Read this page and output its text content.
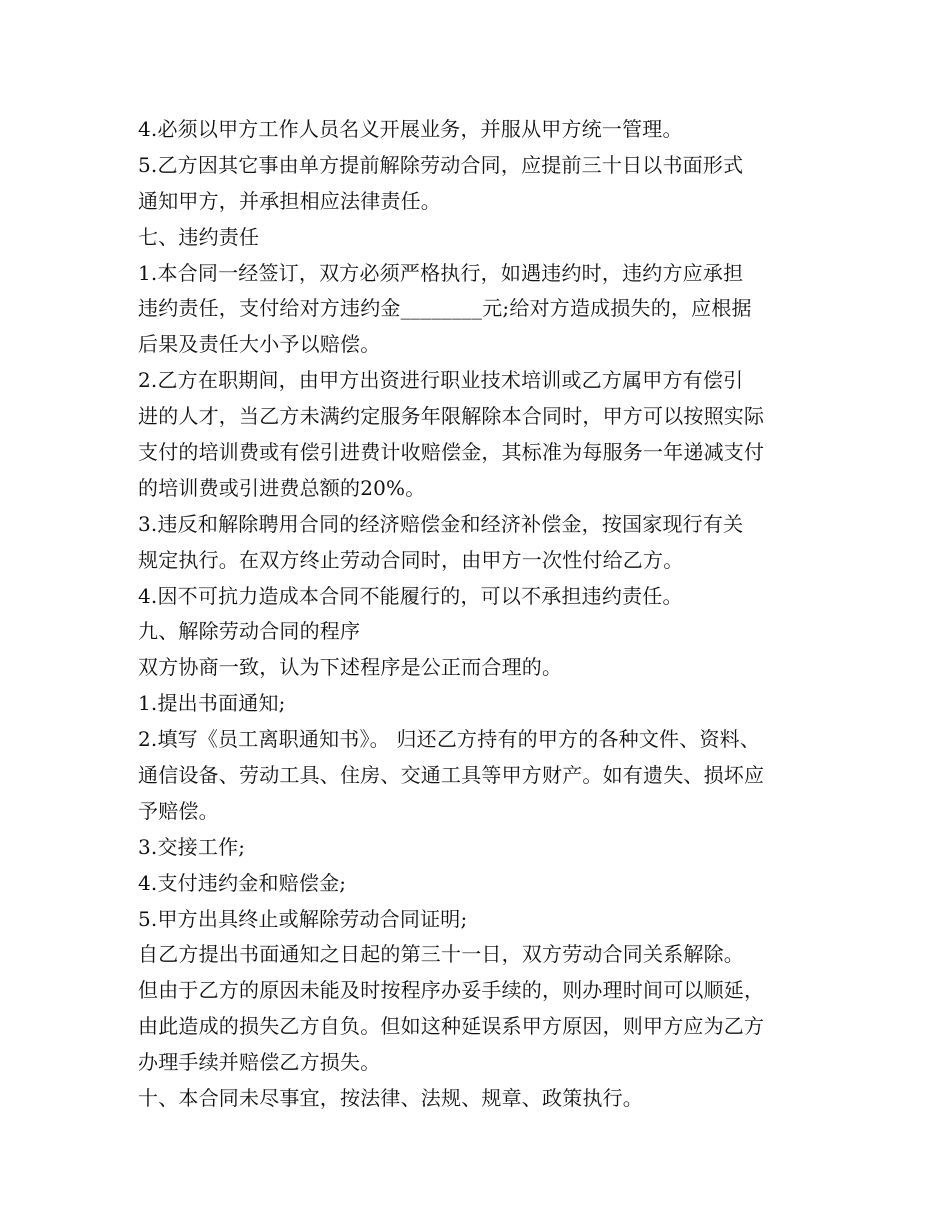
4.必须以甲方工作人员名义开展业务，并服从甲方统一管理。
5.乙方因其它事由单方提前解除劳动合同，应提前三十日以书面形式
通知甲方，并承担相应法律责任。
七、违约责任
1.本合同一经签订，双方必须严格执行，如遇违约时，违约方应承担
违约责任，支付给对方违约金________元;给对方造成损失的，应根据
后果及责任大小予以赔偿。
2.乙方在职期间，由甲方出资进行职业技术培训或乙方属甲方有偿引
进的人才，当乙方未满约定服务年限解除本合同时，甲方可以按照实际
支付的培训费或有偿引进费计收赔偿金，其标准为每服务一年递减支付
的培训费或引进费总额的20%。
3.违反和解除聘用合同的经济赔偿金和经济补偿金，按国家现行有关
规定执行。在双方终止劳动合同时，由甲方一次性付给乙方。
4.因不可抗力造成本合同不能履行的，可以不承担违约责任。
九、解除劳动合同的程序
双方协商一致，认为下述程序是公正而合理的。
1.提出书面通知;
2.填写《员工离职通知书》。 归还乙方持有的甲方的各种文件、资料、
通信设备、劳动工具、住房、交通工具等甲方财产。如有遗失、损坏应
予赔偿。
3.交接工作;
4.支付违约金和赔偿金;
5.甲方出具终止或解除劳动合同证明;
自乙方提出书面通知之日起的第三十一日，双方劳动合同关系解除。
但由于乙方的原因未能及时按程序办妥手续的，则办理时间可以顺延，
由此造成的损失乙方自负。但如这种延误系甲方原因，则甲方应为乙方
办理手续并赔偿乙方损失。
十、本合同未尽事宜，按法律、法规、规章、政策执行。
